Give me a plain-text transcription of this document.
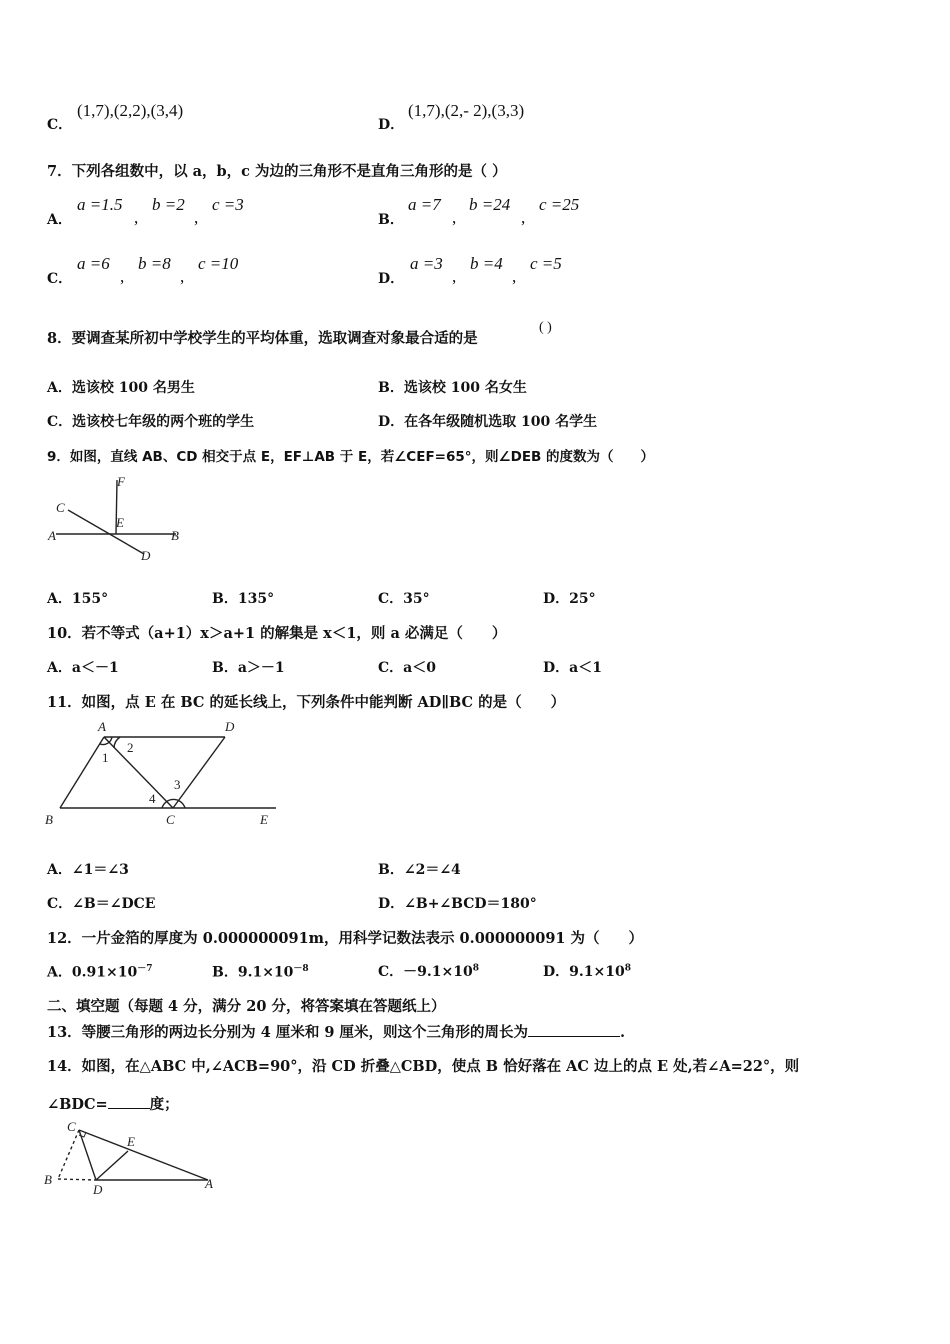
C．
(1,7),(2,2),(3,4)
D．
(1,7),(2,- 2),(3,3)
7．下列各组数中，以 a，b，c 为边的三角形不是直角三角形的是（ ）
A．
a =1.5
,
b =2
,
c =3
B．
a =7
,
b =24
,
c =25
C．
a =6
,
b =8
,
c =10
D．
a =3
,
b =4
,
c =5
8．要调查某所初中学校学生的平均体重，选取调查对象最合适的是
( )
A．选该校 100 名男生	B．选该校 100 名女生
C．选该校七年级的两个班的学生	D．在各年级随机选取 100 名学生
9．如图，直线 AB、CD 相交于点 E，EF⊥AB 于 E，若∠CEF=65°，则∠DEB 的度数为（　　）
F
C
E
A	B
D
A．155°	B．135°	C．35°	D．25°
10．若不等式（a+1）x＞a+1 的解集是 x＜1，则 a 必满足（　　）
A．a＜－1	B．a＞－1	C．a＜0	D．a＜1
11．如图，点 E 在 BC 的延长线上，下列条件中能判断 AD∥BC 的是（　　）
A	D
2
1
3
4
B	C	E
A．∠1＝∠3	B．∠2＝∠4
C．∠B＝∠DCE	D．∠B+∠BCD＝180°
12．一片金箔的厚度为 0.000000091m，用科学记数法表示 0.000000091 为（　　）
A．$0.91\times 10^{-7}$	B．$9.1\times 10^{-8}$	C．$-9.1\times 10^8$	D．$9.1\times 10^8$
二、填空题（每题 4 分，满分 20 分，将答案填在答题纸上）
13．等腰三角形的两边长分别为 4 厘米和 9 厘米，则这个三角形的周长为	.
14．如图，在△ABC 中,∠ACB=90°，沿 CD 折叠△CBD，使点 B 恰好落在 AC 边上的点 E 处,若∠A=22°，则
∠BDC=	度；
C
E
B
D	A
